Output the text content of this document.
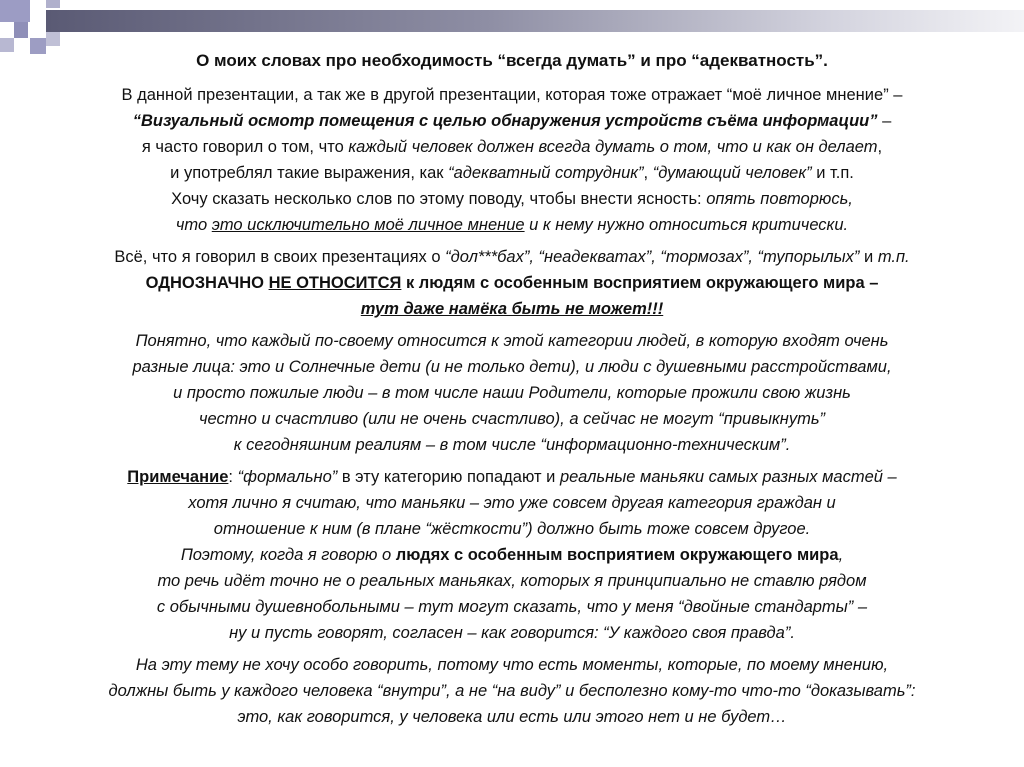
О моих словах про необходимость “всегда думать” и про “адекватность”.
В данной презентации, а так же в другой презентации, которая тоже отражает “моё личное мнение” –
“Визуальный осмотр помещения с целью обнаружения устройств съёма информации” –
я часто говорил о том, что каждый человек должен всегда думать о том, что и как он делает,
и употреблял такие выражения, как “адекватный сотрудник”, “думающий человек” и т.п.
Хочу сказать несколько слов по этому поводу, чтобы внести ясность: опять повторюсь,
что это исключительно моё личное мнение и к нему нужно относиться критически.
Всё, что я говорил в своих презентациях о “дол***бах”, “неадекватах”, “тормозах”, “тупорылых” и т.п.
ОДНОЗНАЧНО НЕ ОТНОСИТСЯ к людям с особенным восприятием окружающего мира –
тут даже намёка быть не может!!!
Понятно, что каждый по-своему относится к этой категории людей, в которую входят очень
разные лица: это и Солнечные дети (и не только дети), и люди с душевными расстройствами,
и просто пожилые люди – в том числе наши Родители, которые прожили свою жизнь
честно и счастливо (или не очень счастливо), а сейчас не могут “привыкнуть”
к сегодняшним реалиям – в том числе “информационно-техническим”.
Примечание: “формально” в эту категорию попадают и реальные маньяки самых разных мастей –
хотя лично я считаю, что маньяки – это уже совсем другая категория граждан и
отношение к ним (в плане “жёсткости”) должно быть тоже совсем другое.
Поэтому, когда я говорю о людях с особенным восприятием окружающего мира,
то речь идёт точно не о реальных маньяках, которых я принципиально не ставлю рядом
с обычными душевнобольными – тут могут сказать, что у меня “двойные стандарты” –
ну и пусть говорят, согласен – как говорится: “У каждого своя правда”.
На эту тему не хочу особо говорить, потому что есть моменты, которые, по моему мнению,
должны быть у каждого человека “внутри”, а не “на виду” и бесполезно кому-то что-то “доказывать”:
это, как говорится, у человека или есть или этого нет и не будет…
